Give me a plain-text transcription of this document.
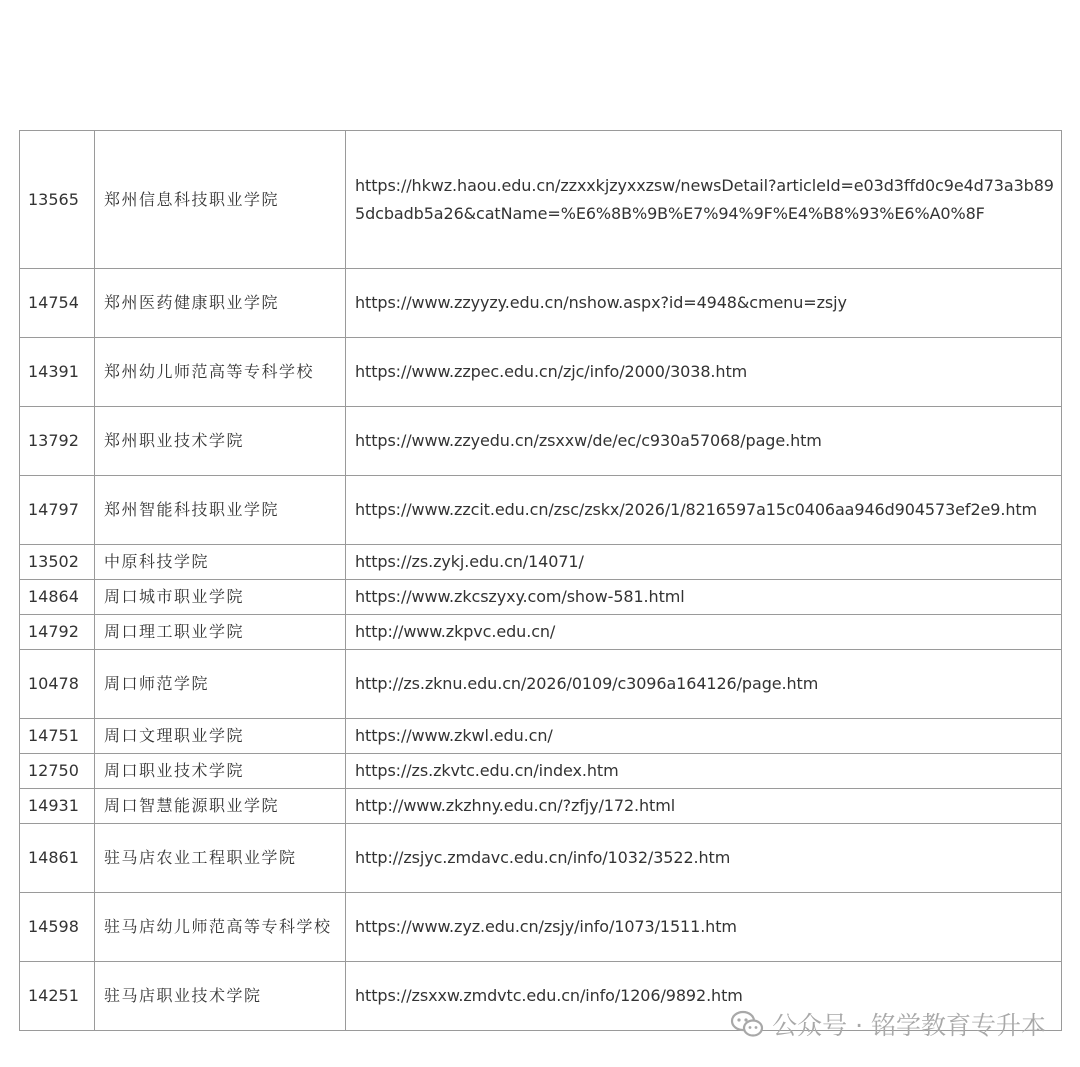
13565	郑州信息科技职业学院	https://hkwz.haou.edu.cn/zzxxkjzyxxzsw/newsDetail?articleId=e03d3ffd0c9e4d73a3b895dcbadb5a26&catName=%E6%8B%9B%E7%94%9F%E4%B8%93%E6%A0%8F
14754	郑州医药健康职业学院	https://www.zzyyzy.edu.cn/nshow.aspx?id=4948&cmenu=zsjy
14391	郑州幼儿师范高等专科学校	https://www.zzpec.edu.cn/zjc/info/2000/3038.htm
13792	郑州职业技术学院	https://www.zzyedu.cn/zsxxw/de/ec/c930a57068/page.htm
14797	郑州智能科技职业学院	https://www.zzcit.edu.cn/zsc/zskx/2026/1/8216597a15c0406aa946d904573ef2e9.htm
13502	中原科技学院	https://zs.zykj.edu.cn/14071/
14864	周口城市职业学院	https://www.zkcszyxy.com/show-581.html
14792	周口理工职业学院	http://www.zkpvc.edu.cn/
10478	周口师范学院	http://zs.zknu.edu.cn/2026/0109/c3096a164126/page.htm
14751	周口文理职业学院	https://www.zkwl.edu.cn/
12750	周口职业技术学院	https://zs.zkvtc.edu.cn/index.htm
14931	周口智慧能源职业学院	http://www.zkzhny.edu.cn/?zfjy/172.html
14861	驻马店农业工程职业学院	http://zsjyc.zmdavc.edu.cn/info/1032/3522.htm
14598	驻马店幼儿师范高等专科学校	https://www.zyz.edu.cn/zsjy/info/1073/1511.htm
14251	驻马店职业技术学院	https://zsxxw.zmdvtc.edu.cn/info/1206/9892.htm
公众号 · 铭学教育专升本
